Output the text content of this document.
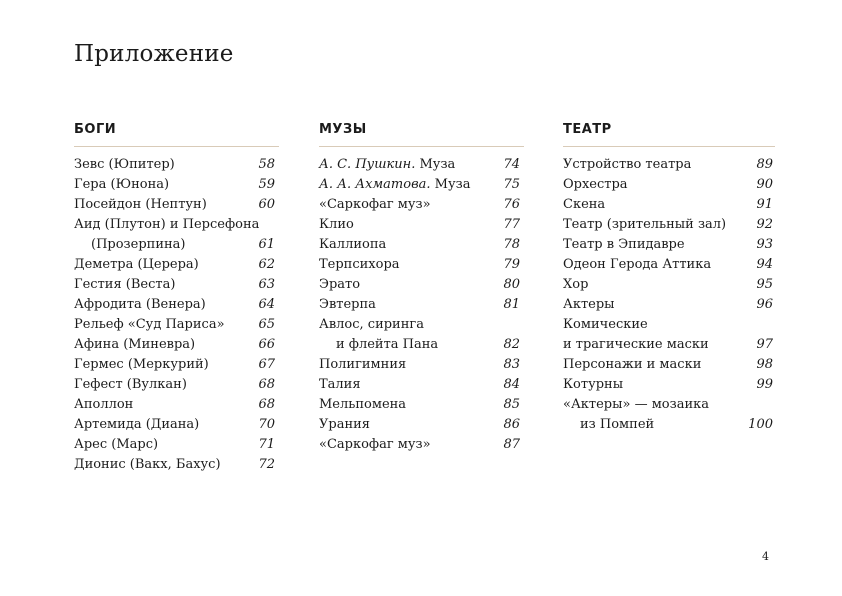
Приложение
БОГИ
Зевс (Юпитер)	58
Гера (Юнона)	59
Посейдон (Нептун)	60
Аид (Плутон) и Персефона
(Прозерпина)	61
Деметра (Церера)	62
Гестия (Веста)	63
Афродита (Венера)	64
Рельеф «Суд Париса»	65
Афина (Миневра)	66
Гермес (Меркурий)	67
Гефест (Вулкан)	68
Аполлон	68
Артемида (Диана)	70
Арес (Марс)	71
Дионис (Вакх, Бахус)	72
МУЗЫ
А. С. Пушкин. Муза	74
А. А. Ахматова. Муза	75
«Саркофаг муз»	76
Клио	77
Каллиопа	78
Терпсихора	79
Эрато	80
Эвтерпа	81
Авлос, сиринга
и флейта Пана	82
Полигимния	83
Талия	84
Мельпомена	85
Урания	86
«Саркофаг муз»	87
ТЕАТР
Устройство театра	89
Орхестра	90
Скена	91
Театр (зрительный зал) 92
Театр в Эпидавре	93
Одеон Герода Аттика	94
Хор	95
Актеры	96
Комические
и трагические маски	97
Персонажи и маски	98
Котурны	99
«Актеры» — мозаика
из Помпей	100
4
